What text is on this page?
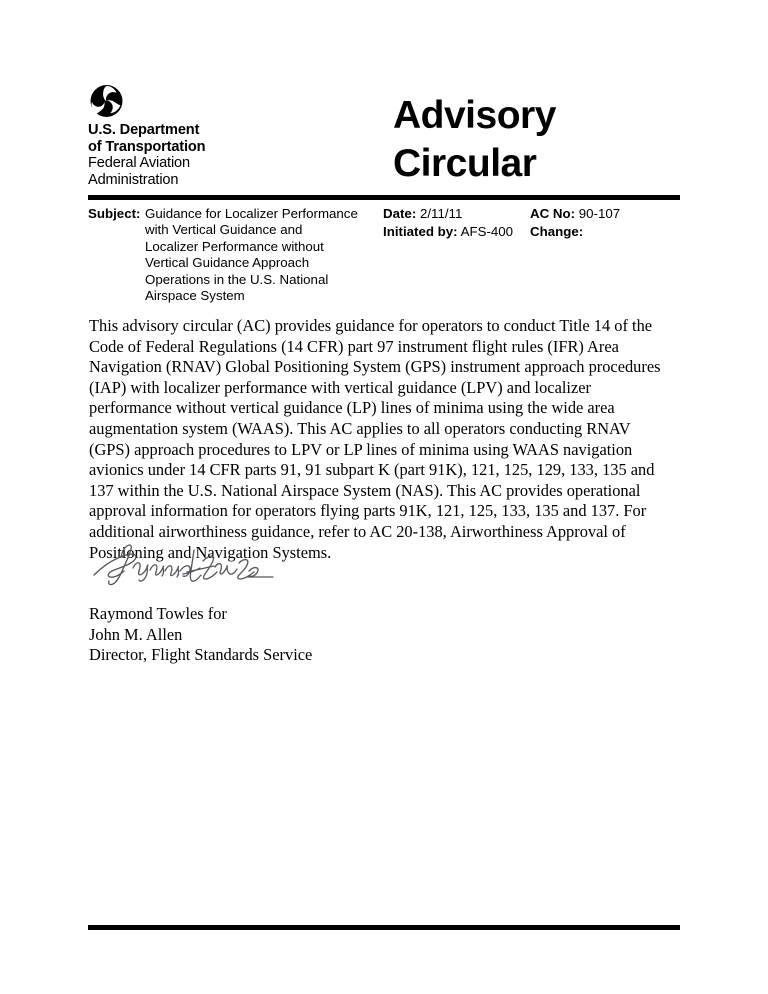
U.S. Department
of Transportation
Federal Aviation
Administration
Advisory
Circular
Subject: Guidance for Localizer Performance
with Vertical Guidance and
Localizer Performance without
Vertical Guidance Approach
Operations in the U.S. National
Airspace System
Date: 2/11/11
Initiated by: AFS-400
AC No: 90-107
Change:
This advisory circular (AC) provides guidance for operators to conduct Title 14 of the Code of Federal Regulations (14 CFR) part 97 instrument flight rules (IFR) Area Navigation (RNAV) Global Positioning System (GPS) instrument approach procedures (IAP) with localizer performance with vertical guidance (LPV) and localizer performance without vertical guidance (LP) lines of minima using the wide area augmentation system (WAAS). This AC applies to all operators conducting RNAV (GPS) approach procedures to LPV or LP lines of minima using WAAS navigation avionics under 14 CFR parts 91, 91 subpart K (part 91K), 121, 125, 129, 133, 135 and 137 within the U.S. National Airspace System (NAS). This AC provides operational approval information for operators flying parts 91K, 121, 125, 133, 135 and 137. For additional airworthiness guidance, refer to AC 20-138, Airworthiness Approval of Positioning and Navigation Systems.
Raymond Towles for
John M. Allen
Director, Flight Standards Service
